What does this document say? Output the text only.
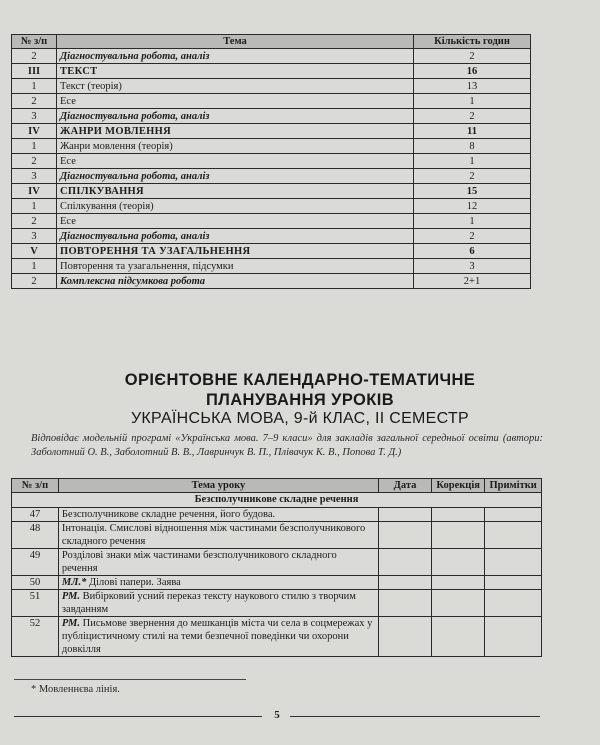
№ з/п	Тема	Кількість годин
2	Діагностувальна робота, аналіз	2
ІІІ	ТЕКСТ	16
1	Текст (теорія)	13
2	Есе	1
3	Діагностувальна робота, аналіз	2
ІV	ЖАНРИ МОВЛЕННЯ	11
1	Жанри мовлення (теорія)	8
2	Есе	1
3	Діагностувальна робота, аналіз	2
ІV	СПІЛКУВАННЯ	15
1	Спілкування (теорія)	12
2	Есе	1
3	Діагностувальна робота, аналіз	2
V	ПОВТОРЕННЯ ТА УЗАГАЛЬНЕННЯ	6
1	Повторення та узагальнення, підсумки	3
2	Комплексна підсумкова робота	2+1
ОРІЄНТОВНЕ КАЛЕНДАРНО-ТЕМАТИЧНЕ
ПЛАНУВАННЯ УРОКІВ
УКРАЇНСЬКА МОВА, 9-й КЛАС, ІІ СЕМЕСТР
Відповідає модельній програмі «Українська мова. 7–9 класи» для закладів загальної середньої освіти (автори: Заболотний О. В., Заболотний В. В., Лавринчук В. П., Плівачук К. В., Попова Т. Д.)
№ з/п	Тема уроку	Дата	Корекція	Примітки
Безсполучникове складне речення				
47	Безсполучникове складне речення, його будова.			
48	Інтонація. Смислові відношення між частинами безсполучникового складного речення			
49	Розділові знаки між частинами безсполучникового складного речення			
50	МЛ.* Ділові папери. Заява			
51	РМ. Вибірковий усний переказ тексту наукового стилю з творчим завданням			
52	РМ. Письмове звернення до мешканців міста чи села в соцмережах у публіцистичному стилі на теми безпечної поведінки чи охорони довкілля			
* Мовленнєва лінія.
5
